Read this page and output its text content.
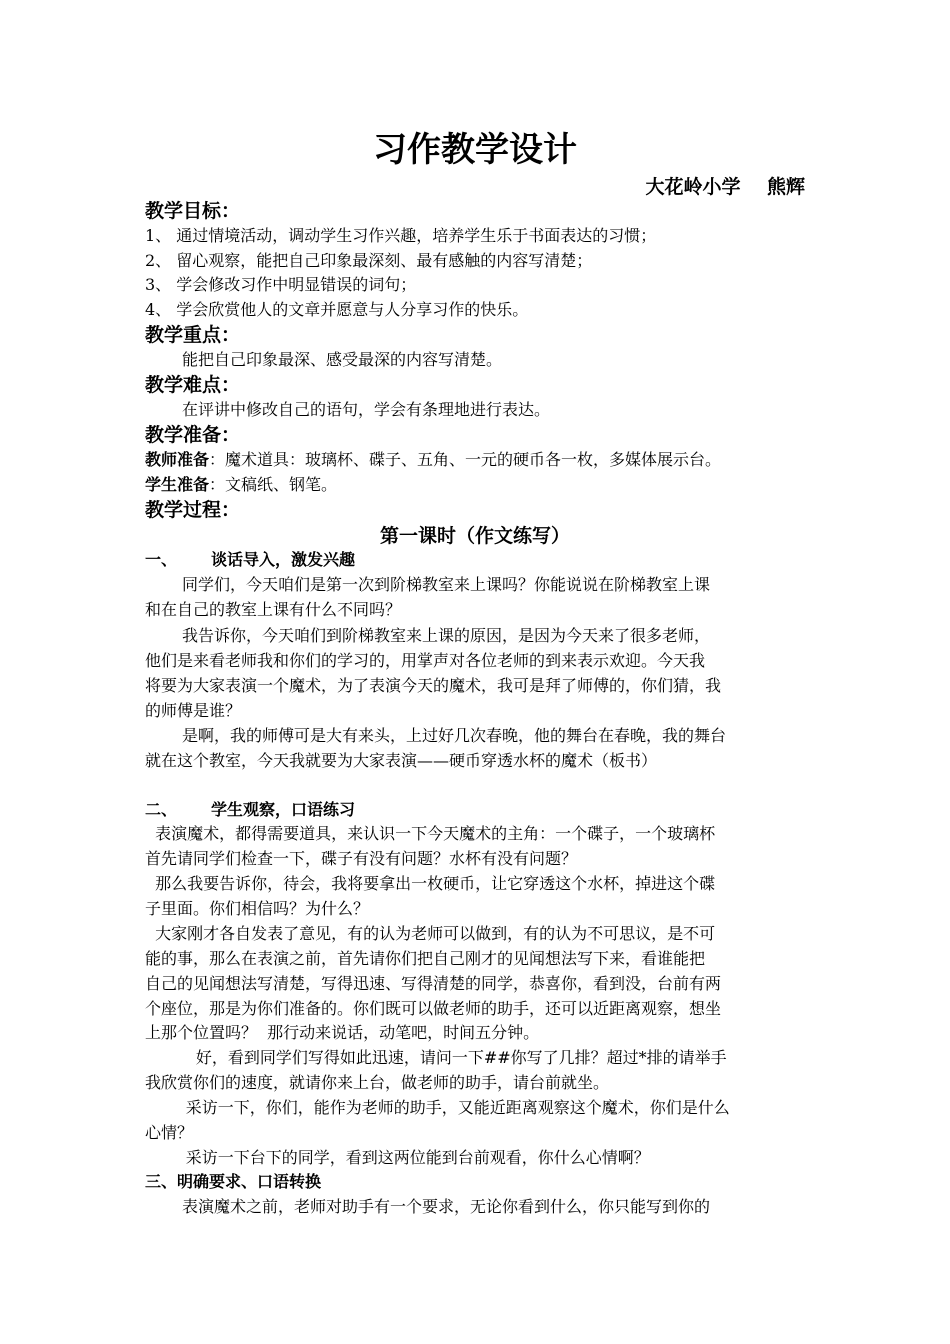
习作教学设计
大花岭小学    熊辉
教学目标：
1、 通过情境活动，调动学生习作兴趣，培养学生乐于书面表达的习惯；
2、 留心观察，能把自己印象最深刻、最有感触的内容写清楚；
3、 学会修改习作中明显错误的词句；
4、 学会欣赏他人的文章并愿意与人分享习作的快乐。
教学重点：
能把自己印象最深、感受最深的内容写清楚。
教学难点：
在评讲中修改自己的语句，学会有条理地进行表达。
教学准备：
教师准备：魔术道具：玻璃杯、碟子、五角、一元的硬币各一枚，多媒体展示台。
学生准备：文稿纸、钢笔。
教学过程：
第一课时（作文练写）
一、 谈话导入，激发兴趣
同学们，今天咱们是第一次到阶梯教室来上课吗？你能说说在阶梯教室上课
和在自己的教室上课有什么不同吗？
我告诉你，今天咱们到阶梯教室来上课的原因，是因为今天来了很多老师，
他们是来看老师我和你们的学习的，用掌声对各位老师的到来表示欢迎。今天我
将要为大家表演一个魔术，为了表演今天的魔术，我可是拜了师傅的，你们猜，我
的师傅是谁？
是啊，我的师傅可是大有来头，上过好几次春晚，他的舞台在春晚，我的舞台
就在这个教室，今天我就要为大家表演——硬币穿透水杯的魔术（板书）
二、 学生观察，口语练习
表演魔术，都得需要道具，来认识一下今天魔术的主角：一个碟子，一个玻璃杯
首先请同学们检查一下，碟子有没有问题？水杯有没有问题？
那么我要告诉你，待会，我将要拿出一枚硬币，让它穿透这个水杯，掉进这个碟
子里面。你们相信吗？为什么？
大家刚才各自发表了意见，有的认为老师可以做到，有的认为不可思议，是不可
能的事，那么在表演之前，首先请你们把自己刚才的见闻想法写下来，看谁能把
自己的见闻想法写清楚，写得迅速、写得清楚的同学，恭喜你，看到没，台前有两
个座位，那是为你们准备的。你们既可以做老师的助手，还可以近距离观察，想坐
上那个位置吗？  那行动来说话，动笔吧，时间五分钟。
好，看到同学们写得如此迅速，请问一下##你写了几排？超过*排的请举手
我欣赏你们的速度，就请你来上台，做老师的助手，请台前就坐。
采访一下，你们，能作为老师的助手，又能近距离观察这个魔术，你们是什么
心情？
采访一下台下的同学，看到这两位能到台前观看，你什么心情啊？
三、明确要求、口语转换
表演魔术之前，老师对助手有一个要求，无论你看到什么，你只能写到你的
